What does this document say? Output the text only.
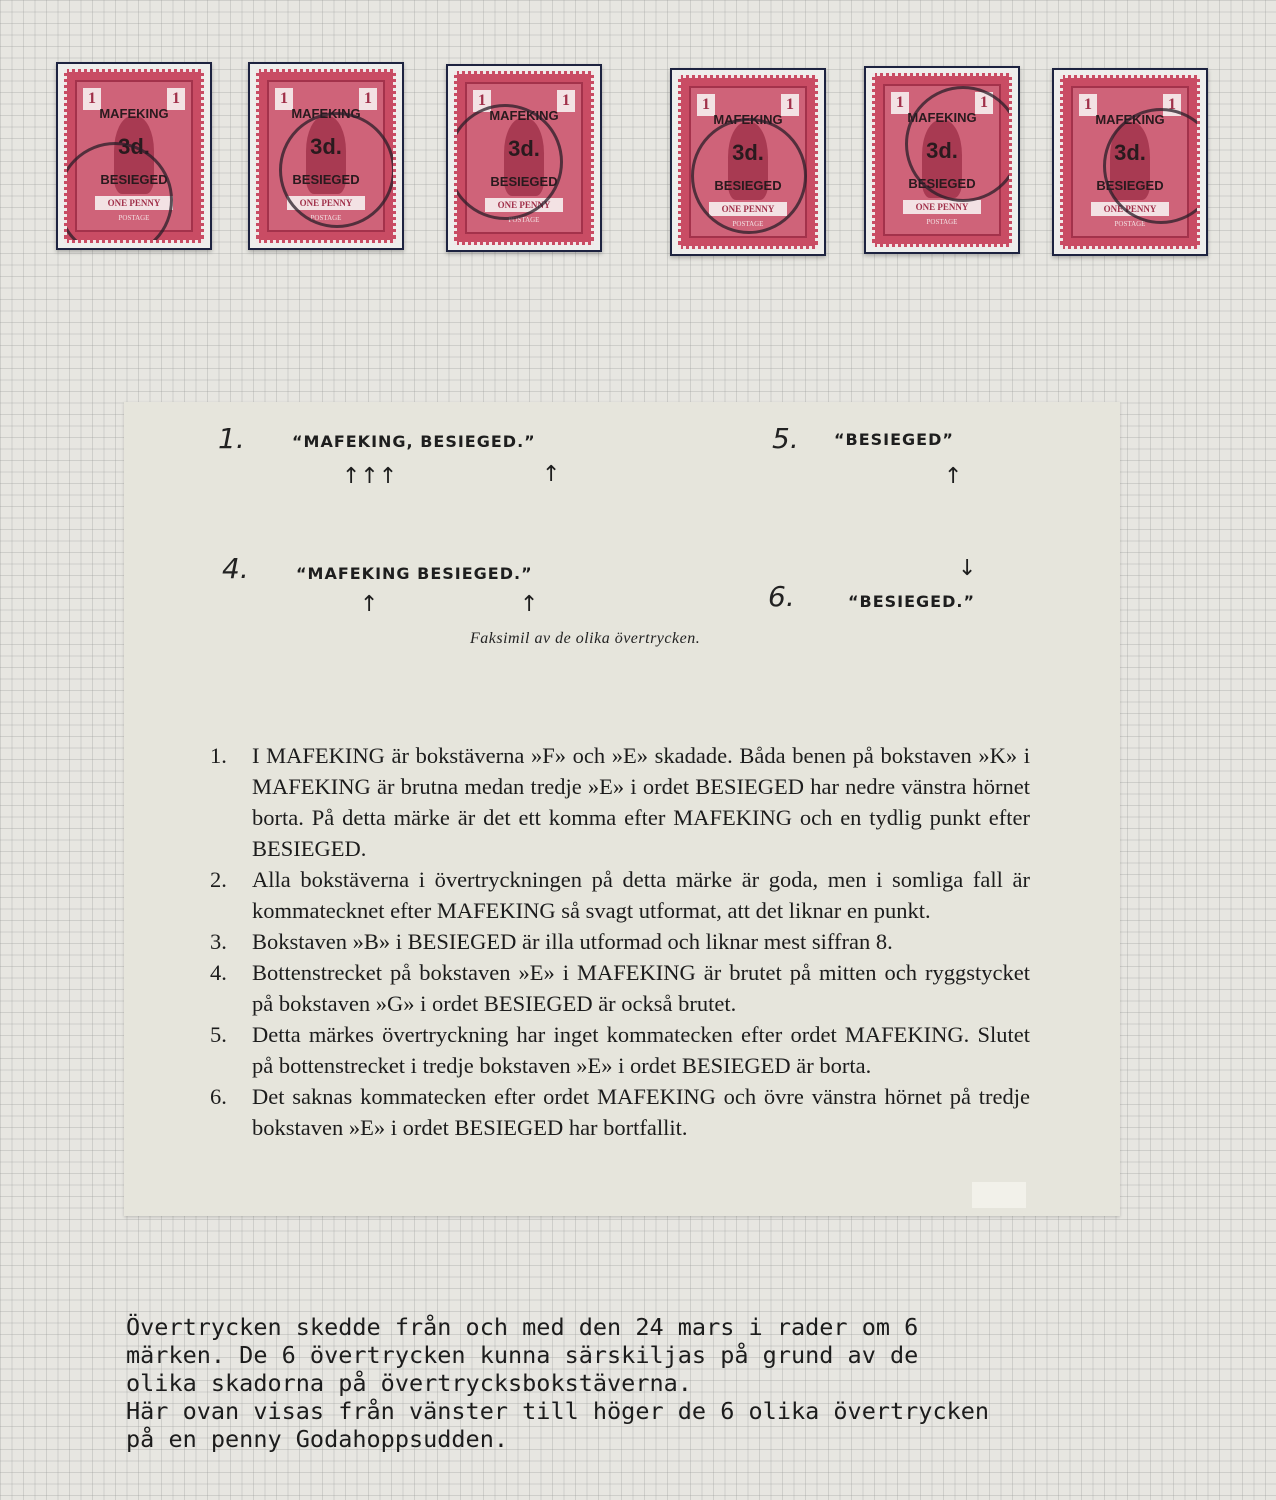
1	1
MAFEKING
3d.
BESIEGED
ONE PENNY
POSTAGE
1	1
MAFEKING
3d.
BESIEGED
ONE PENNY
POSTAGE
1	1
MAFEKING
3d.
BESIEGED
ONE PENNY
POSTAGE
1	1
MAFEKING
3d.
BESIEGED
ONE PENNY
POSTAGE
1	1
MAFEKING
3d.
BESIEGED
ONE PENNY
POSTAGE
1	1
MAFEKING
3d.
BESIEGED
ONE PENNY
POSTAGE
1.	“MAFEKING, BESIEGED.”
↑↑↑	↑
5. “BESIEGED”
↑
4.	“MAFEKING BESIEGED.”
↑	↑
↓
6.	“BESIEGED.”
Faksimil av de olika övertrycken.
1.	I MAFEKING är bokstäverna »F» och »E» skadade. Båda benen på bokstaven »K» i MAFEKING är brutna medan tredje »E» i ordet BESIEGED har nedre vänstra hörnet borta. På detta märke är det ett komma efter MAFEKING och en tydlig punkt efter BESIEGED.
2.	Alla bokstäverna i övertryckningen på detta märke är goda, men i somliga fall är kommatecknet efter MAFEKING så svagt utformat, att det liknar en punkt.
3.	Bokstaven »B» i BESIEGED är illa utformad och liknar mest siffran 8.
4.	Bottenstrecket på bokstaven »E» i MAFEKING är brutet på mitten och ryggstycket på bokstaven »G» i ordet BESIEGED är också brutet.
5.	Detta märkes övertryckning har inget kommatecken efter ordet MAFEKING. Slutet på bottenstrecket i tredje bokstaven »E» i ordet BESIEGED är borta.
6.	Det saknas kommatecken efter ordet MAFEKING och övre vänstra hörnet på tredje bokstaven »E» i ordet BESIEGED har bortfallit.
Övertrycken skedde från och med den 24 mars i rader om 6
märken. De 6 övertrycken kunna särskiljas på grund av de
olika skadorna på övertrycksbokstäverna.
Här ovan visas från vänster till höger de 6 olika övertrycken
på en penny Godahoppsudden.
